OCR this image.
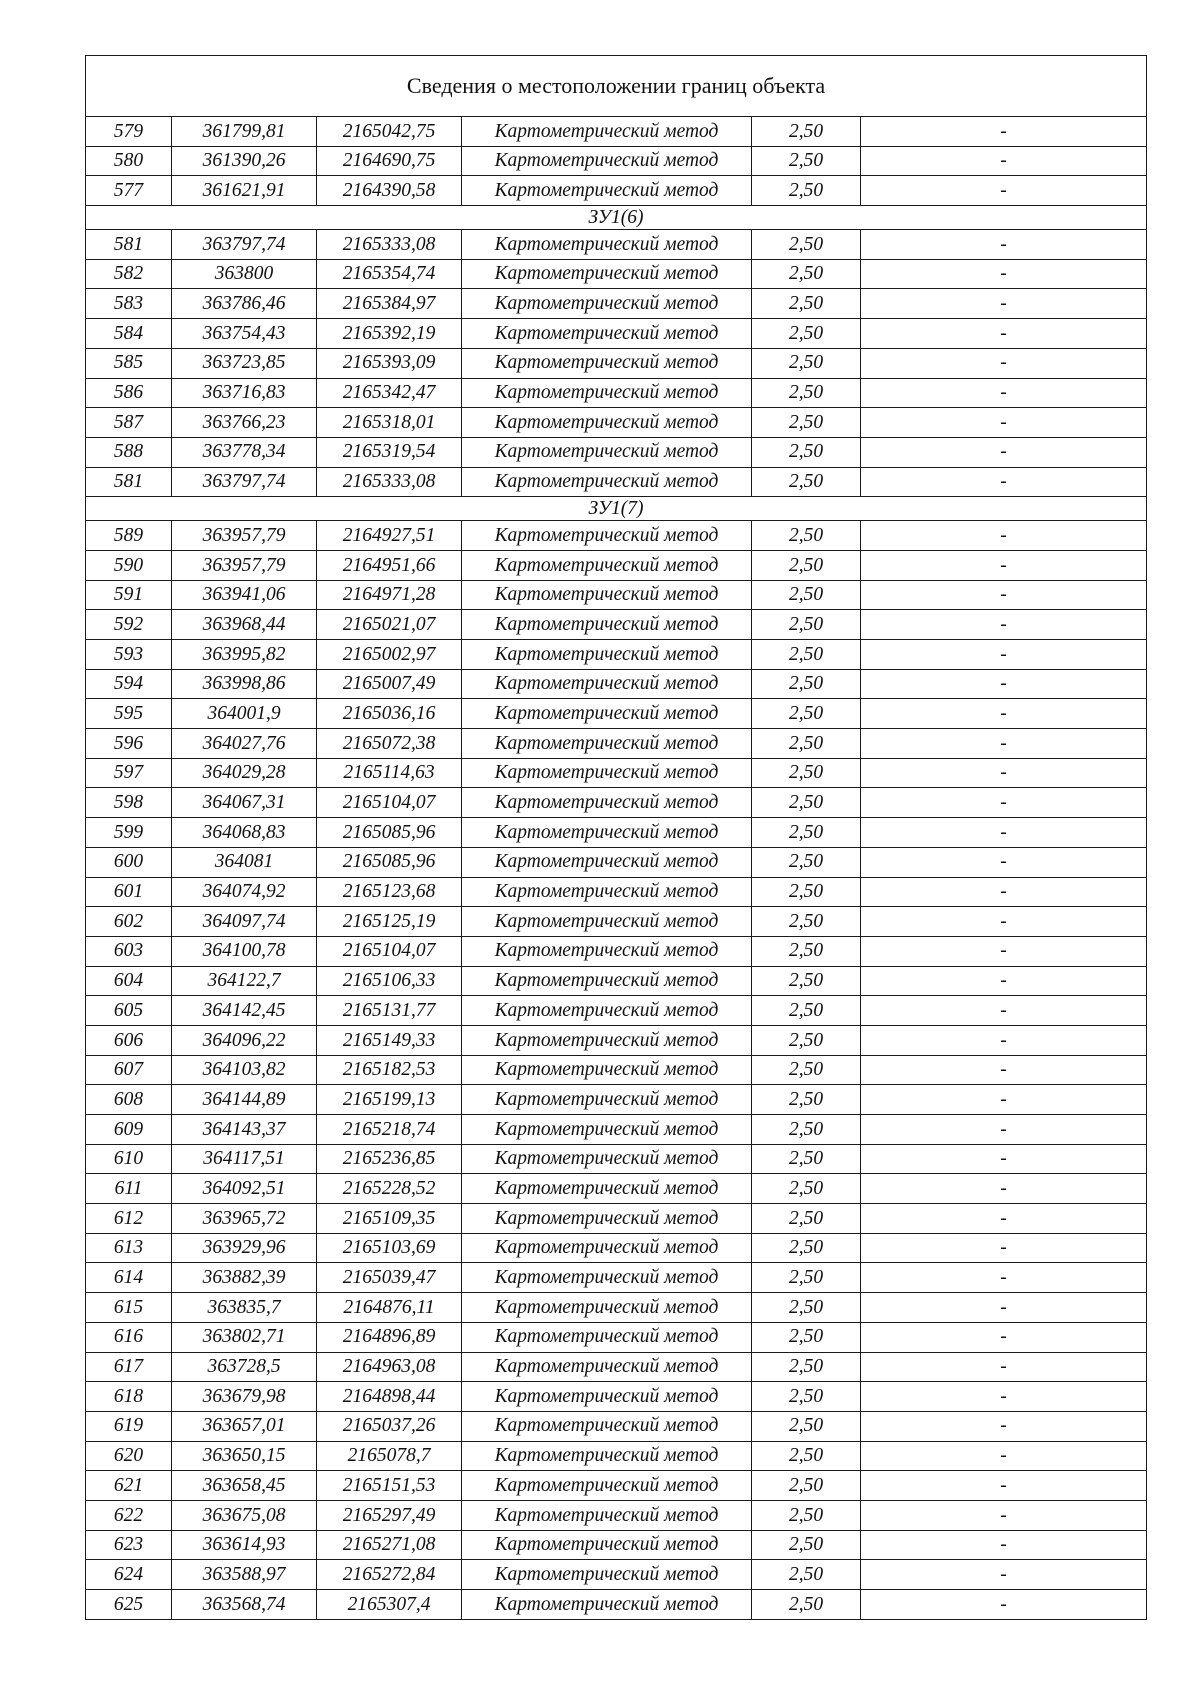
Сведения о местоположении границ объекта					
579	361799,81	2165042,75	Картометрический метод	2,50	-
580	361390,26	2164690,75	Картометрический метод	2,50	-
577	361621,91	2164390,58	Картометрический метод	2,50	-
ЗУ1(6)					
581	363797,74	2165333,08	Картометрический метод	2,50	-
582	363800	2165354,74	Картометрический метод	2,50	-
583	363786,46	2165384,97	Картометрический метод	2,50	-
584	363754,43	2165392,19	Картометрический метод	2,50	-
585	363723,85	2165393,09	Картометрический метод	2,50	-
586	363716,83	2165342,47	Картометрический метод	2,50	-
587	363766,23	2165318,01	Картометрический метод	2,50	-
588	363778,34	2165319,54	Картометрический метод	2,50	-
581	363797,74	2165333,08	Картометрический метод	2,50	-
ЗУ1(7)					
589	363957,79	2164927,51	Картометрический метод	2,50	-
590	363957,79	2164951,66	Картометрический метод	2,50	-
591	363941,06	2164971,28	Картометрический метод	2,50	-
592	363968,44	2165021,07	Картометрический метод	2,50	-
593	363995,82	2165002,97	Картометрический метод	2,50	-
594	363998,86	2165007,49	Картометрический метод	2,50	-
595	364001,9	2165036,16	Картометрический метод	2,50	-
596	364027,76	2165072,38	Картометрический метод	2,50	-
597	364029,28	2165114,63	Картометрический метод	2,50	-
598	364067,31	2165104,07	Картометрический метод	2,50	-
599	364068,83	2165085,96	Картометрический метод	2,50	-
600	364081	2165085,96	Картометрический метод	2,50	-
601	364074,92	2165123,68	Картометрический метод	2,50	-
602	364097,74	2165125,19	Картометрический метод	2,50	-
603	364100,78	2165104,07	Картометрический метод	2,50	-
604	364122,7	2165106,33	Картометрический метод	2,50	-
605	364142,45	2165131,77	Картометрический метод	2,50	-
606	364096,22	2165149,33	Картометрический метод	2,50	-
607	364103,82	2165182,53	Картометрический метод	2,50	-
608	364144,89	2165199,13	Картометрический метод	2,50	-
609	364143,37	2165218,74	Картометрический метод	2,50	-
610	364117,51	2165236,85	Картометрический метод	2,50	-
611	364092,51	2165228,52	Картометрический метод	2,50	-
612	363965,72	2165109,35	Картометрический метод	2,50	-
613	363929,96	2165103,69	Картометрический метод	2,50	-
614	363882,39	2165039,47	Картометрический метод	2,50	-
615	363835,7	2164876,11	Картометрический метод	2,50	-
616	363802,71	2164896,89	Картометрический метод	2,50	-
617	363728,5	2164963,08	Картометрический метод	2,50	-
618	363679,98	2164898,44	Картометрический метод	2,50	-
619	363657,01	2165037,26	Картометрический метод	2,50	-
620	363650,15	2165078,7	Картометрический метод	2,50	-
621	363658,45	2165151,53	Картометрический метод	2,50	-
622	363675,08	2165297,49	Картометрический метод	2,50	-
623	363614,93	2165271,08	Картометрический метод	2,50	-
624	363588,97	2165272,84	Картометрический метод	2,50	-
625	363568,74	2165307,4	Картометрический метод	2,50	-
